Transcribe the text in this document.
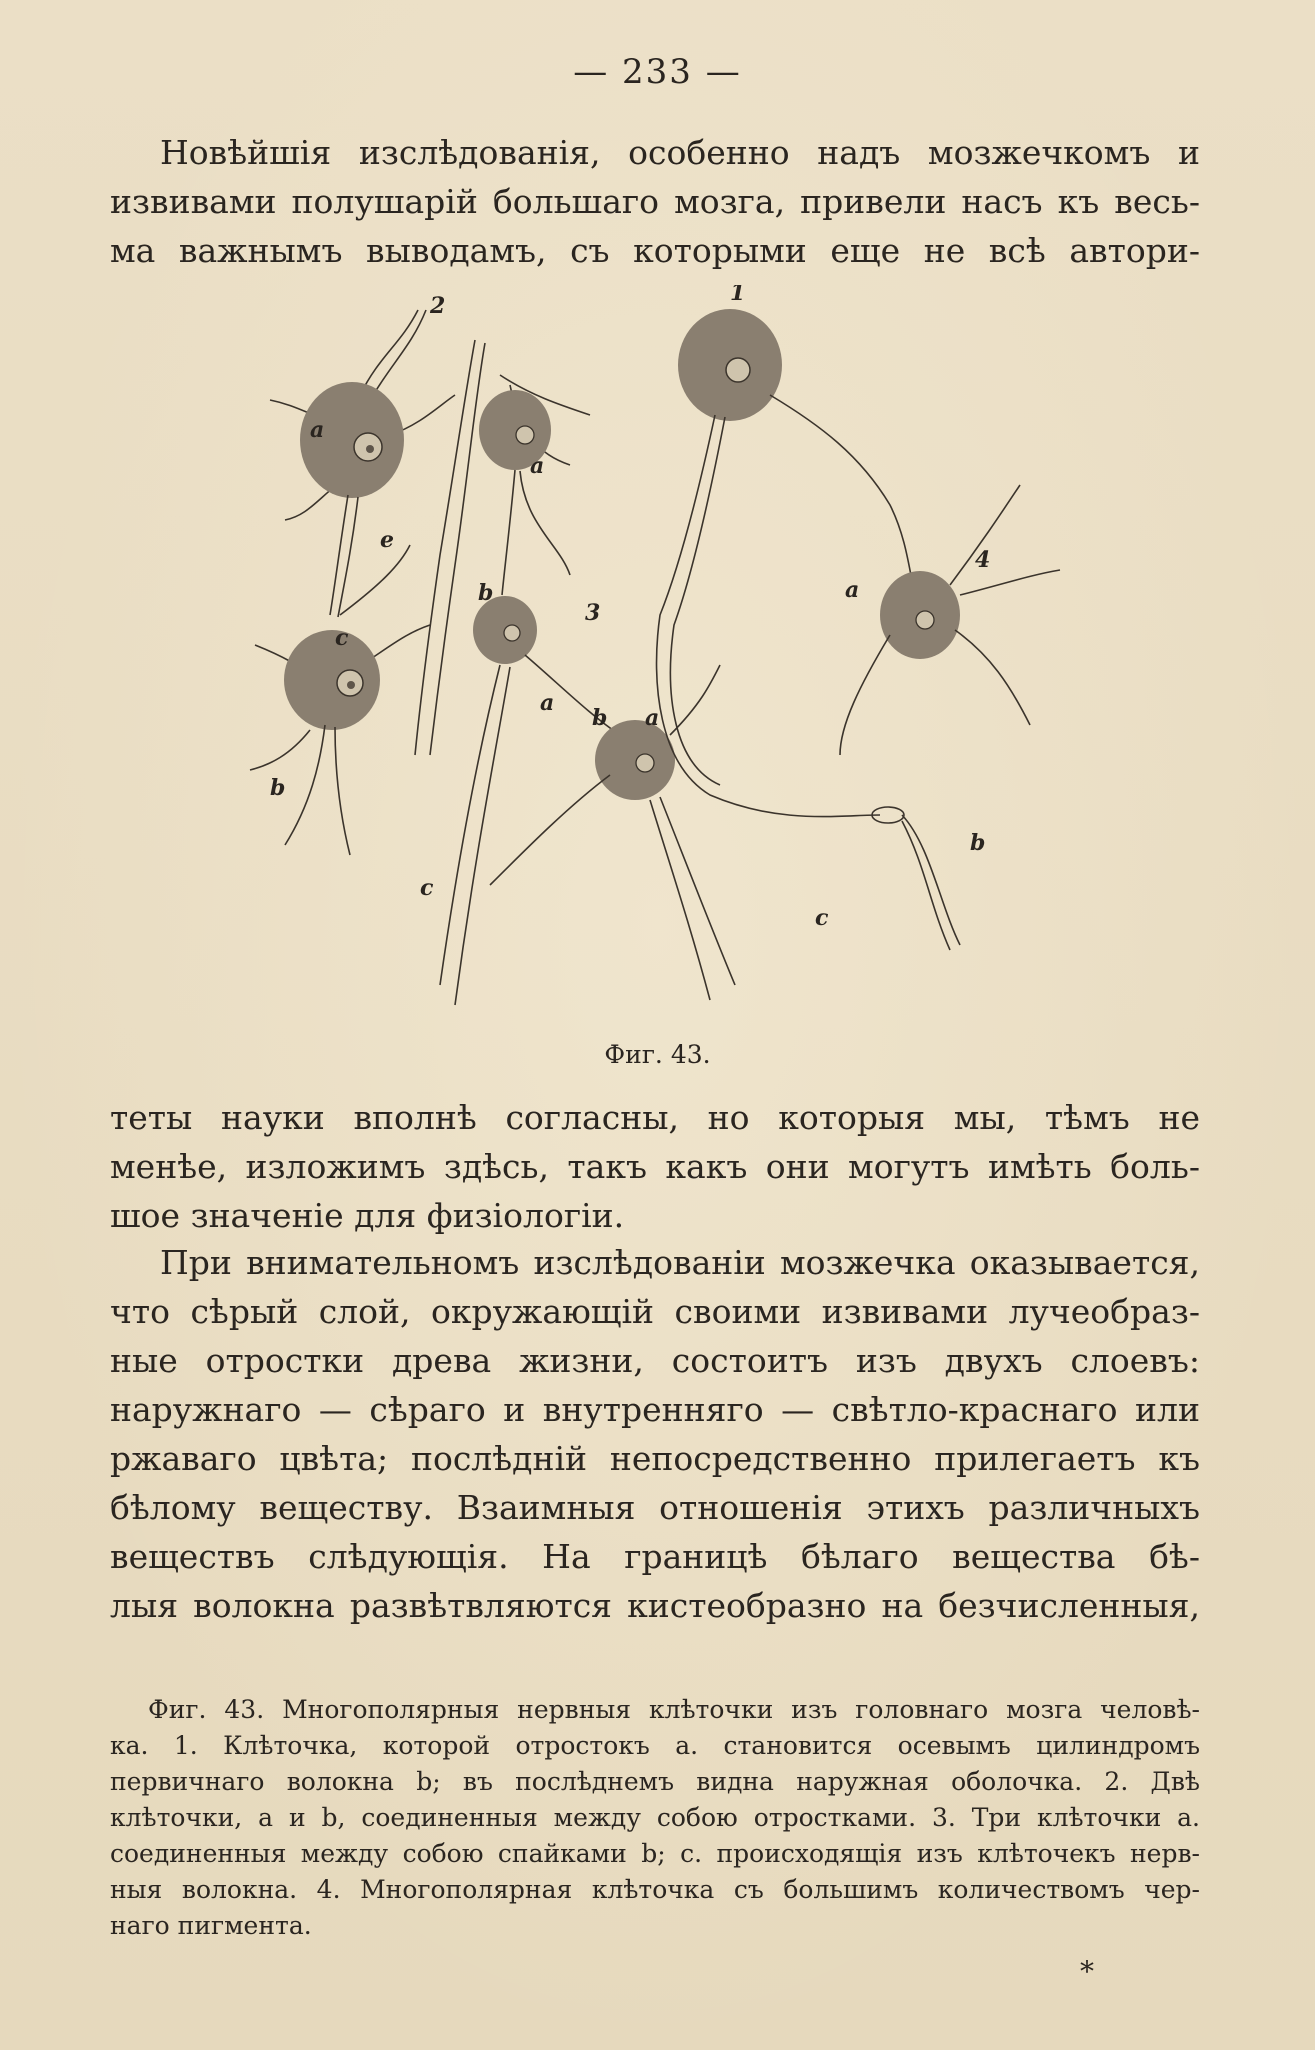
— 233 —
Новѣйшія изслѣдованія, особенно надъ мозжечкомъ и
извивами полушарій большаго мозга, привели насъ къ весь-
ма важнымъ выводамъ, съ которыми еще не всѣ автори-
2
a
c
b
e
a
3
b
a
b a
c
c
1
4
a
b
Фиг. 43.
теты науки вполнѣ согласны, но которыя мы, тѣмъ не
менѣе, изложимъ здѣсь, такъ какъ они могутъ имѣть боль-
шое значеніе для физіологіи.
При внимательномъ изслѣдованіи мозжечка оказывается,
что сѣрый слой, окружающій своими извивами лучеобраз-
ные отростки древа жизни, состоитъ изъ двухъ слоевъ:
наружнаго — сѣраго и внутренняго — свѣтло-краснаго или
ржаваго цвѣта; послѣдній непосредственно прилегаетъ къ
бѣлому веществу. Взаимныя отношенія этихъ различныхъ
веществъ слѣдующія. На границѣ бѣлаго вещества бѣ-
лыя волокна развѣтвляются кистеобразно на безчисленныя,
Фиг. 43. Многополярныя нервныя клѣточки изъ головнаго мозга человѣ-
ка. 1. Клѣточка, которой отростокъ a. становится осевымъ цилиндромъ
первичнаго волокна b; въ послѣднемъ видна наружная оболочка. 2. Двѣ
клѣточки, a и b, соединенныя между собою отростками. 3. Три клѣточки a.
соединенныя между собою спайками b; c. происходящія изъ клѣточекъ нерв-
ныя волокна. 4. Многополярная клѣточка съ большимъ количествомъ чер-
наго пигмента.
*
